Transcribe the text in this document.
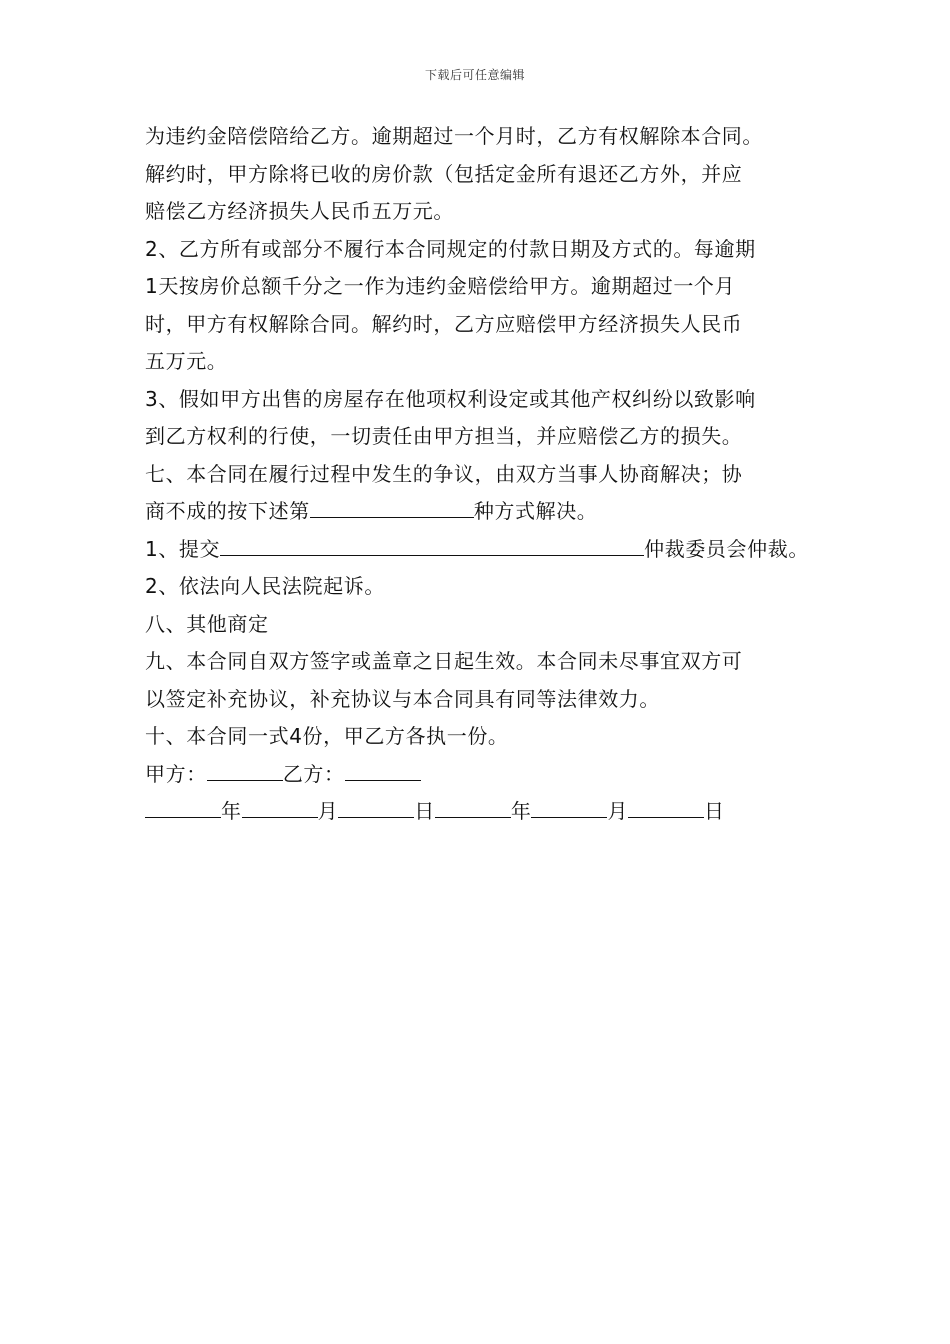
下载后可任意编辑
为违约金陪偿陪给乙方。逾期超过一个月时，乙方有权解除本合同。
解约时，甲方除将已收的房价款（包括定金所有退还乙方外，并应
赔偿乙方经济损失人民币五万元。
2、乙方所有或部分不履行本合同规定的付款日期及方式的。每逾期
1天按房价总额千分之一作为违约金赔偿给甲方。逾期超过一个月
时，甲方有权解除合同。解约时，乙方应赔偿甲方经济损失人民币
五万元。
3、假如甲方出售的房屋存在他项权利设定或其他产权纠纷以致影响
到乙方权利的行使，一切责任由甲方担当，并应赔偿乙方的损失。
七、本合同在履行过程中发生的争议，由双方当事人协商解决；协
商不成的按下述第	种方式解决。
1、提交	仲裁委员会仲裁。
2、依法向人民法院起诉。
八、其他商定
九、本合同自双方签字或盖章之日起生效。本合同未尽事宜双方可
以签定补充协议，补充协议与本合同具有同等法律效力。
十、本合同一式4份，甲乙方各执一份。
甲方：	乙方：
年	月	日	年	月	日
